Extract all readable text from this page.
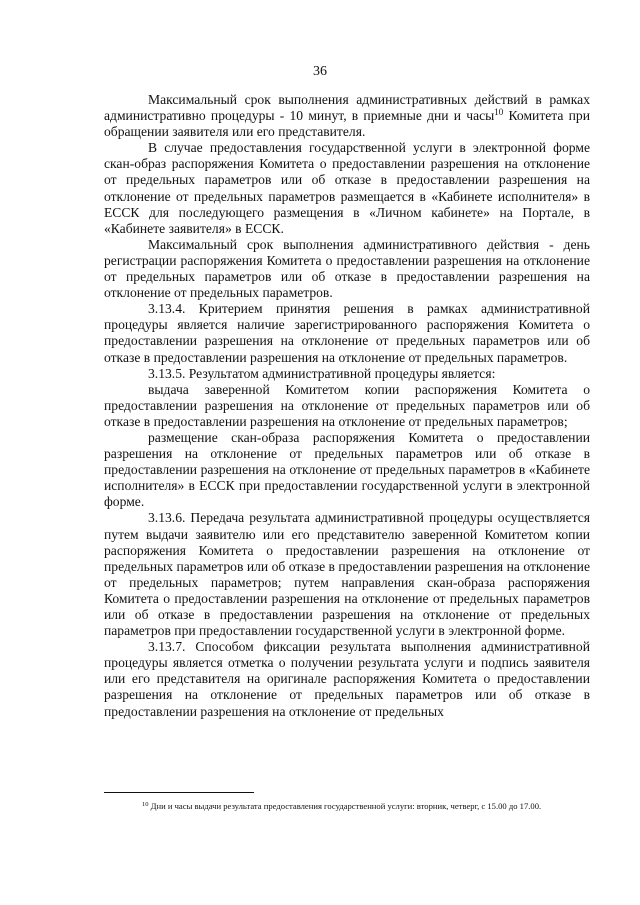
36

Максимальный срок выполнения административных действий в рамках административно процедуры - 10 минут, в приемные дни и часы$^{10}$ Комитета при обращении заявителя или его представителя.

В случае предоставления государственной услуги в электронной форме скан-образ распоряжения Комитета о предоставлении разрешения на отклонение от предельных параметров или об отказе в предоставлении разрешения на отклонение от предельных параметров размещается в «Кабинете исполнителя» в ЕССК для последующего размещения в «Личном кабинете» на Портале, в «Кабинете заявителя» в ЕССК.

Максимальный срок выполнения административного действия - день регистрации распоряжения Комитета о предоставлении разрешения на отклонение от предельных параметров или об отказе в предоставлении разрешения на отклонение от предельных параметров.

3.13.4. Критерием принятия решения в рамках административной процедуры является наличие зарегистрированного распоряжения Комитета о предоставлении разрешения на отклонение от предельных параметров или об отказе в предоставлении разрешения на отклонение от предельных параметров.

3.13.5. Результатом административной процедуры является:

выдача заверенной Комитетом копии распоряжения Комитета о предоставлении разрешения на отклонение от предельных параметров или об отказе в предоставлении разрешения на отклонение от предельных параметров;

размещение скан-образа распоряжения Комитета о предоставлении разрешения на отклонение от предельных параметров или об отказе в предоставлении разрешения на отклонение от предельных параметров в «Кабинете исполнителя» в ЕССК при предоставлении государственной услуги в электронной форме.

3.13.6. Передача результата административной процедуры осуществляется путем выдачи заявителю или его представителю заверенной Комитетом копии распоряжения Комитета о предоставлении разрешения на отклонение от предельных параметров или об отказе в предоставлении разрешения на отклонение от предельных параметров; путем направления скан-образа распоряжения Комитета о предоставлении разрешения на отклонение от предельных параметров или об отказе в предоставлении разрешения на отклонение от предельных параметров при предоставлении государственной услуги в электронной форме.

3.13.7. Способом фиксации результата выполнения административной процедуры является отметка о получении результата услуги и подпись заявителя или его представителя на оригинале распоряжения Комитета о предоставлении разрешения на отклонение от предельных параметров или об отказе в предоставлении разрешения на отклонение от предельных

$^{10}$ Дни и часы выдачи результата предоставления государственной услуги: вторник, четверг, с 15.00 до 17.00.
